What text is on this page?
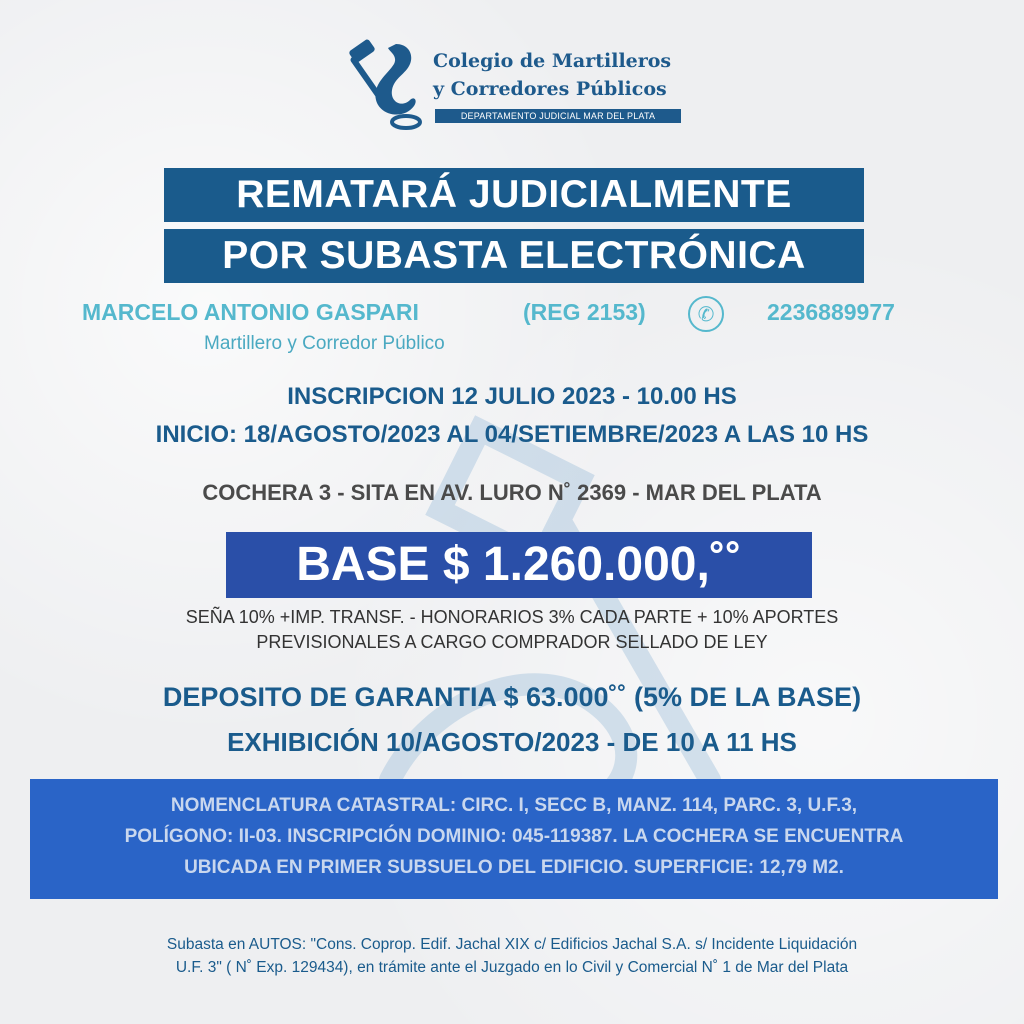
Colegio de Martilleros
y Corredores Públicos
DEPARTAMENTO JUDICIAL MAR DEL PLATA
REMATARÁ JUDICIALMENTE
POR SUBASTA ELECTRÓNICA
MARCELO ANTONIO GASPARI	(REG 2153)	✆	2236889977
Martillero y Corredor Público
INSCRIPCION 12 JULIO 2023 - 10.00 HS
INICIO: 18/AGOSTO/2023 AL 04/SETIEMBRE/2023 A LAS 10 HS
COCHERA 3 - SITA EN AV. LURO N˚ 2369 - MAR DEL PLATA
BASE $ 1.260.000,˚˚
SEÑA 10% +IMP. TRANSF. - HONORARIOS 3% CADA PARTE + 10% APORTES
PREVISIONALES A CARGO COMPRADOR SELLADO DE LEY
DEPOSITO DE GARANTIA $ 63.000˚˚ (5% DE LA BASE)
EXHIBICIÓN 10/AGOSTO/2023 - DE 10 A 11 HS
NOMENCLATURA CATASTRAL: CIRC. I, SECC B, MANZ. 114, PARC. 3, U.F.3,
POLÍGONO: II-03. INSCRIPCIÓN DOMINIO: 045-119387. LA COCHERA SE ENCUENTRA
UBICADA EN PRIMER SUBSUELO DEL EDIFICIO. SUPERFICIE: 12,79 M2.
Subasta en AUTOS: "Cons. Coprop. Edif. Jachal XIX c/ Edificios Jachal S.A. s/ Incidente Liquidación
U.F. 3" ( N˚ Exp. 129434), en trámite ante el Juzgado en lo Civil y Comercial N˚ 1 de Mar del Plata
